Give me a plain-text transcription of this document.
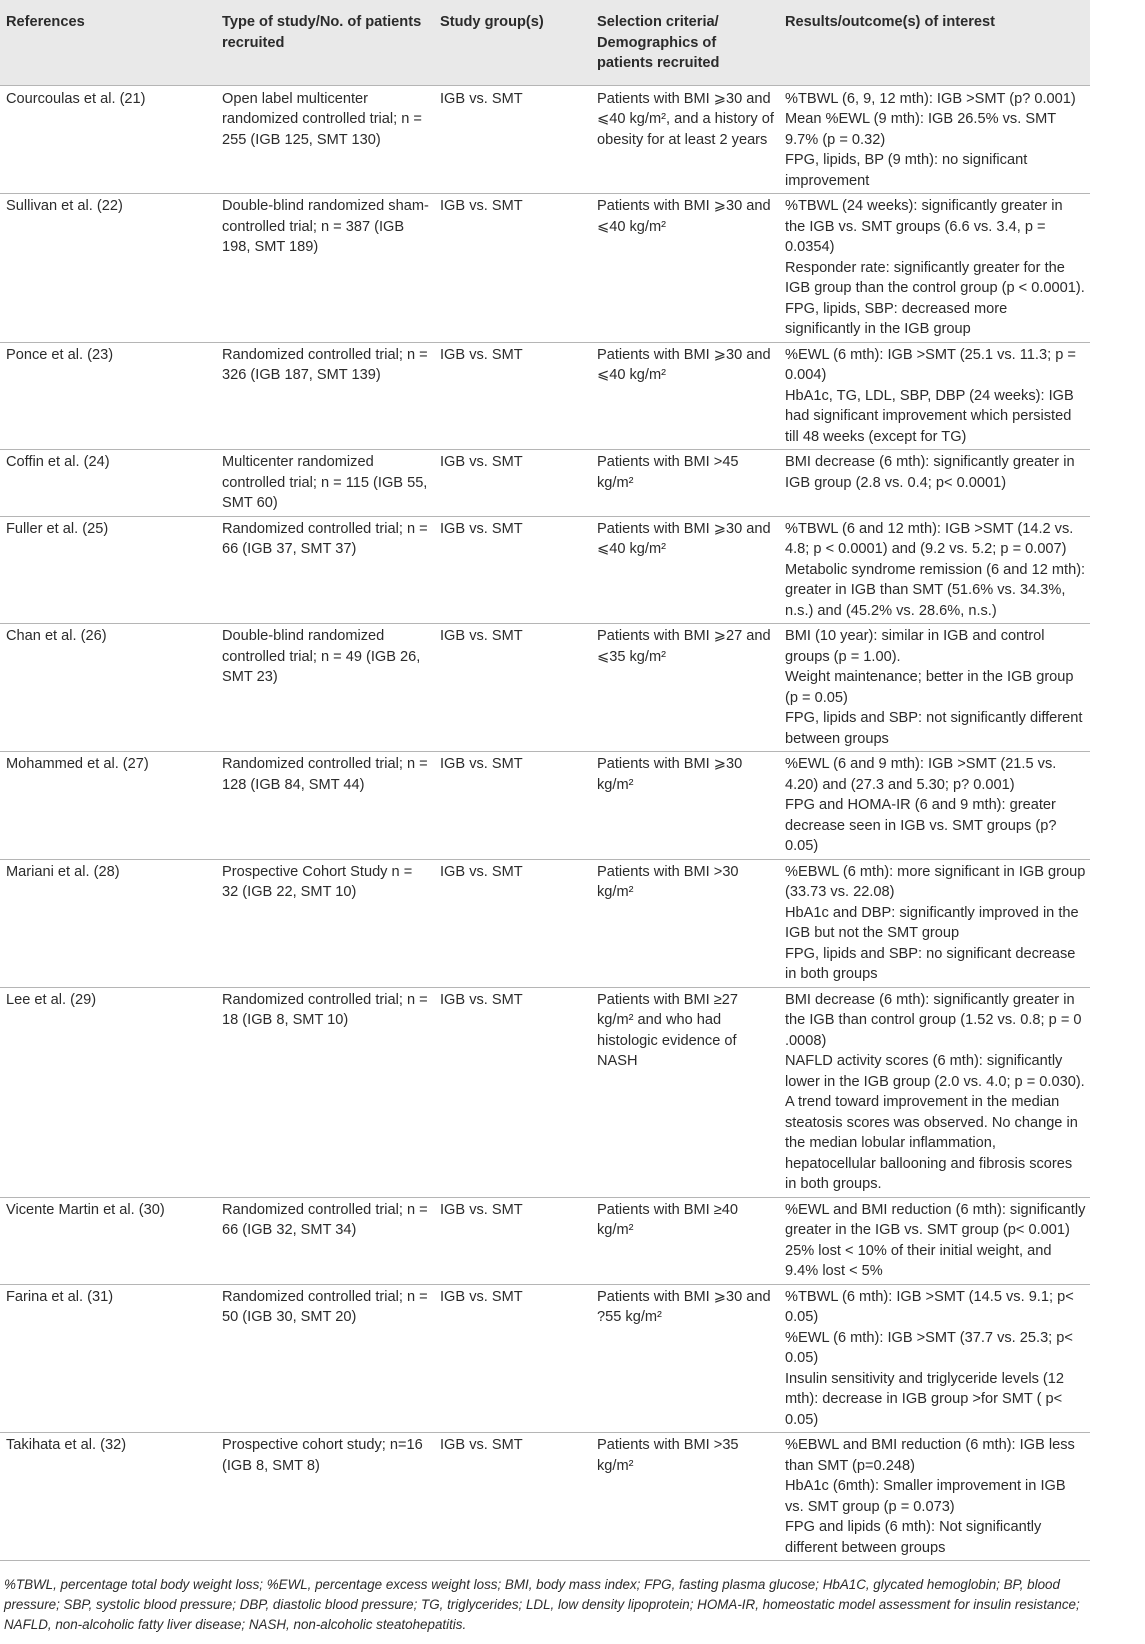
References	Type of study/No. of patients recruited	Study group(s)	Selection criteria/ Demographics of patients recruited	Results/outcome(s) of interest
Courcoulas et al. (21)	Open label multicenter randomized controlled trial; n = 255 (IGB 125, SMT 130)	IGB vs. SMT	Patients with BMI ⩾30 and ⩽40 kg/m², and a history of obesity for at least 2 years	%TBWL (6, 9, 12 mth): IGB >SMT (p? 0.001)
Mean %EWL (9 mth): IGB 26.5% vs. SMT 9.7% (p = 0.32)
FPG, lipids, BP (9 mth): no significant improvement

Sullivan et al. (22)	Double-blind randomized sham-controlled trial; n = 387 (IGB 198, SMT 189)	IGB vs. SMT	Patients with BMI ⩾30 and ⩽40 kg/m²	%TBWL (24 weeks): significantly greater in the IGB vs. SMT groups (6.6 vs. 3.4, p = 0.0354)
Responder rate: significantly greater for the IGB group than the control group (p < 0.0001).
FPG, lipids, SBP: decreased more significantly in the IGB group

Ponce et al. (23)	Randomized controlled trial; n = 326 (IGB 187, SMT 139)	IGB vs. SMT	Patients with BMI ⩾30 and ⩽40 kg/m²	%EWL (6 mth): IGB >SMT (25.1 vs. 11.3; p = 0.004)
HbA1c, TG, LDL, SBP, DBP (24 weeks): IGB had significant improvement which persisted till 48 weeks (except for TG)

Coffin et al. (24)	Multicenter randomized controlled trial; n = 115 (IGB 55, SMT 60)	IGB vs. SMT	Patients with BMI >45 kg/m²	BMI decrease (6 mth): significantly greater in IGB group (2.8 vs. 0.4; p< 0.0001)

Fuller et al. (25)	Randomized controlled trial; n = 66 (IGB 37, SMT 37)	IGB vs. SMT	Patients with BMI ⩾30 and ⩽40 kg/m²	%TBWL (6 and 12 mth): IGB >SMT (14.2 vs. 4.8; p < 0.0001) and (9.2 vs. 5.2; p = 0.007)
Metabolic syndrome remission (6 and 12 mth): greater in IGB than SMT (51.6% vs. 34.3%, n.s.) and (45.2% vs. 28.6%, n.s.)

Chan et al. (26)	Double-blind randomized controlled trial; n = 49 (IGB 26, SMT 23)	IGB vs. SMT	Patients with BMI ⩾27 and ⩽35 kg/m²	BMI (10 year): similar in IGB and control groups (p = 1.00).
Weight maintenance; better in the IGB group (p = 0.05)
FPG, lipids and SBP: not significantly different between groups

Mohammed et al. (27)	Randomized controlled trial; n = 128 (IGB 84, SMT 44)	IGB vs. SMT	Patients with BMI ⩾30 kg/m²	%EWL (6 and 9 mth): IGB >SMT (21.5 vs. 4.20) and (27.3 and 5.30; p? 0.001)
FPG and HOMA-IR (6 and 9 mth): greater decrease seen in IGB vs. SMT groups (p? 0.05)

Mariani et al. (28)	Prospective Cohort Study n = 32 (IGB 22, SMT 10)	IGB vs. SMT	Patients with BMI >30 kg/m²	%EBWL (6 mth): more significant in IGB group (33.73 vs. 22.08)
HbA1c and DBP: significantly improved in the IGB but not the SMT group
FPG, lipids and SBP: no significant decrease in both groups

Lee et al. (29)	Randomized controlled trial; n = 18 (IGB 8, SMT 10)	IGB vs. SMT	Patients with BMI ≥27 kg/m² and who had histologic evidence of NASH	BMI decrease (6 mth): significantly greater in the IGB than control group (1.52 vs. 0.8; p = 0 .0008)
NAFLD activity scores (6 mth): significantly lower in the IGB group (2.0 vs. 4.0; p = 0.030).
A trend toward improvement in the median steatosis scores was observed. No change in the median lobular inflammation, hepatocellular ballooning and fibrosis scores in both groups.

Vicente Martin et al. (30)	Randomized controlled trial; n = 66 (IGB 32, SMT 34)	IGB vs. SMT	Patients with BMI ≥40 kg/m²	%EWL and BMI reduction (6 mth): significantly greater in the IGB vs. SMT group (p< 0.001)
25% lost < 10% of their initial weight, and 9.4% lost < 5%

Farina et al. (31)	Randomized controlled trial; n = 50 (IGB 30, SMT 20)	IGB vs. SMT	Patients with BMI ⩾30 and ?55 kg/m²	%TBWL (6 mth): IGB >SMT (14.5 vs. 9.1; p< 0.05)
%EWL (6 mth): IGB >SMT (37.7 vs. 25.3; p< 0.05)
Insulin sensitivity and triglyceride levels (12 mth): decrease in IGB group >for SMT ( p< 0.05)

Takihata et al. (32)	Prospective cohort study; n=16 (IGB 8, SMT 8)	IGB vs. SMT	Patients with BMI >35 kg/m²	%EBWL and BMI reduction (6 mth): IGB less than SMT (p=0.248)
HbA1c (6mth): Smaller improvement in IGB vs. SMT group (p = 0.073)
FPG and lipids (6 mth): Not significantly different between groups
%TBWL, percentage total body weight loss; %EWL, percentage excess weight loss; BMI, body mass index; FPG, fasting plasma glucose; HbA1C, glycated hemoglobin; BP, blood pressure; SBP, systolic blood pressure; DBP, diastolic blood pressure; TG, triglycerides; LDL, low density lipoprotein; HOMA-IR, homeostatic model assessment for insulin resistance; NAFLD, non-alcoholic fatty liver disease; NASH, non-alcoholic steatohepatitis.
